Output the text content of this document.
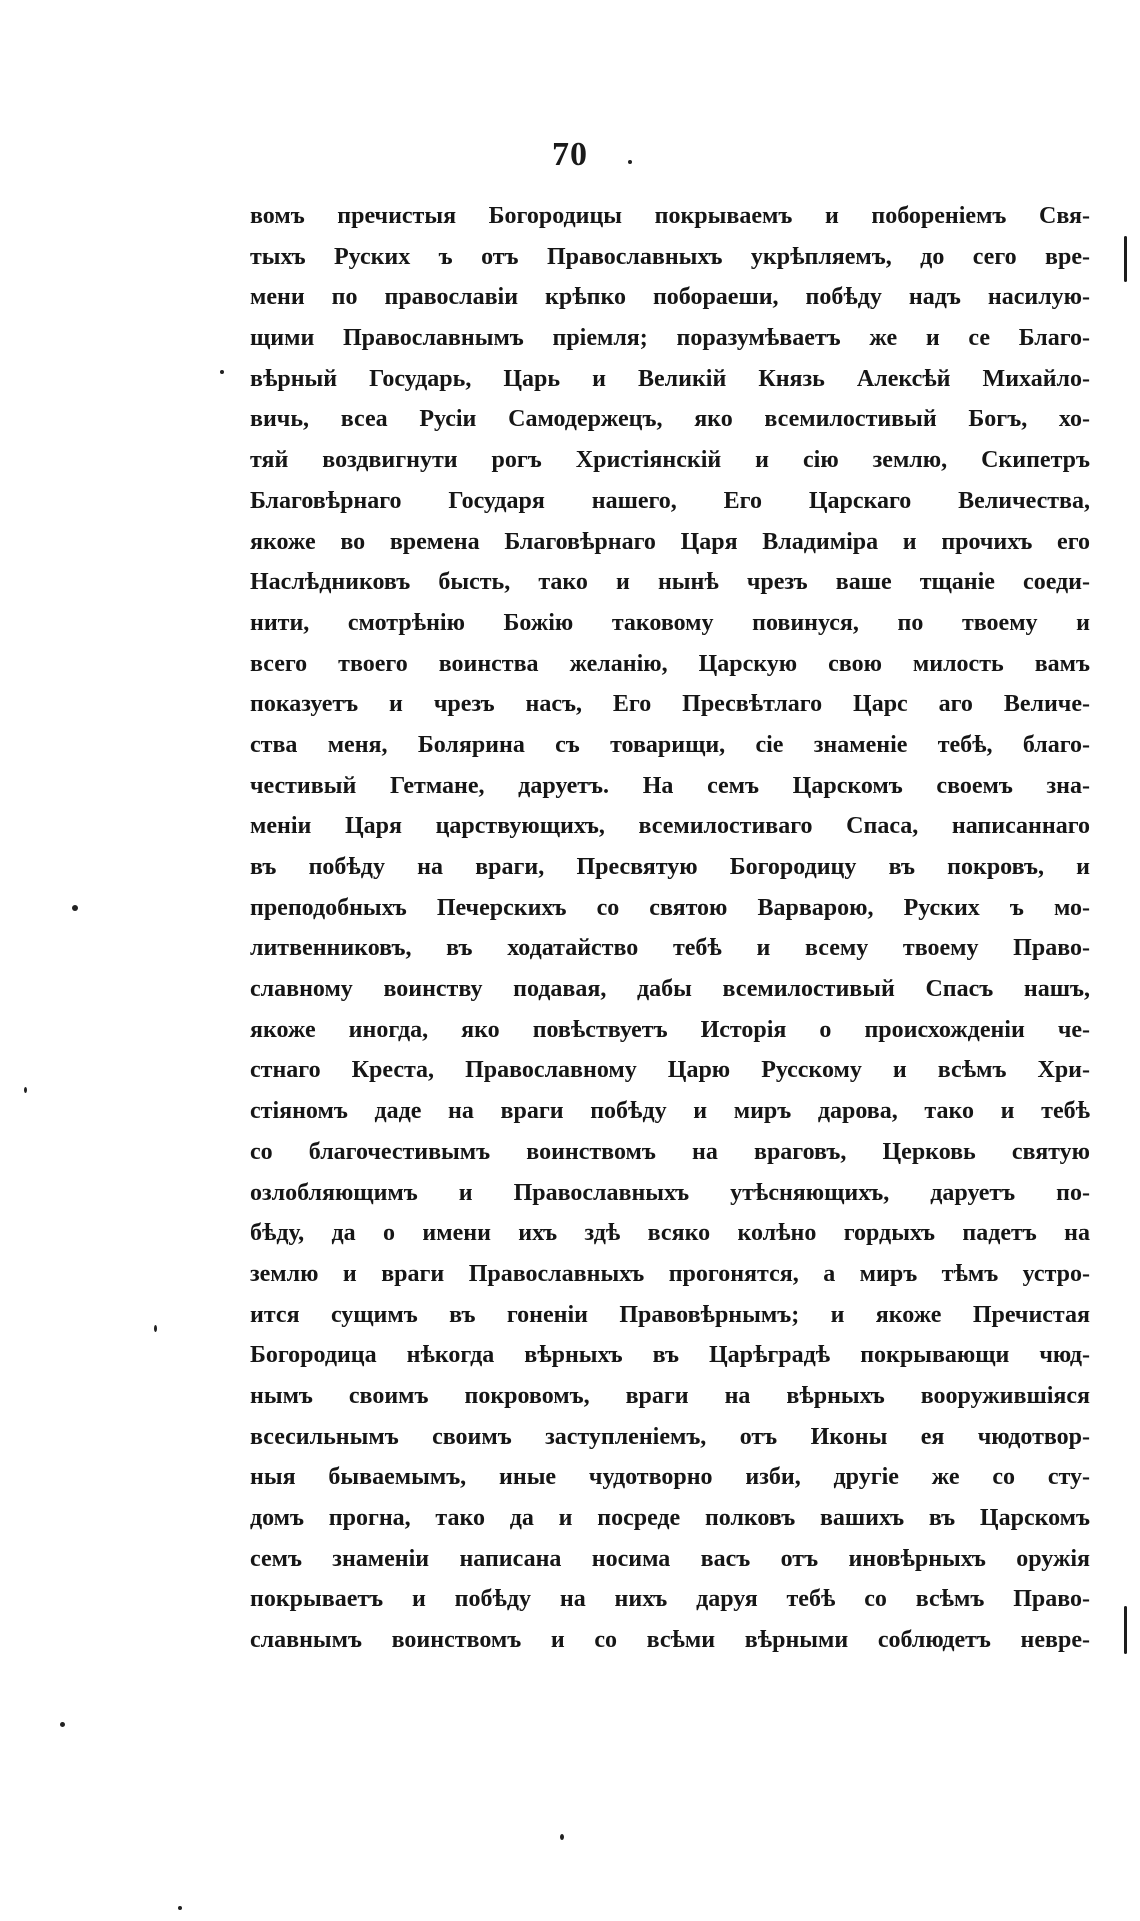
70
вомъ пречистыя Богородицы покрываемъ и побореніемъ Свя-
тыхъ Руских ъ отъ Православныхъ укрѣпляемъ, до сего вре-
мени по православіи крѣпко побораеши, побѣду надъ насилую-
щими Православнымъ пріемля; поразумѣваетъ же и се Благо-
вѣрный Государь, Царь и Великій Князь Алексѣй Михайло-
вичь, всеа Русіи Самодержецъ, яко всемилостивый Богъ, хо-
тяй воздвигнути рогъ Христіянскій и сію землю, Скипетръ
Благовѣрнаго Государя нашего, Его Царскаго Величества,
якоже во времена Благовѣрнаго Царя Владиміра и прочихъ его
Наслѣдниковъ бысть, тако и нынѣ чрезъ ваше тщаніе соеди-
нити, смотрѣнію Божію таковому повинуся, по твоему и
всего твоего воинства желанію, Царскую свою милость вамъ
показуетъ и чрезъ насъ, Его Пресвѣтлаго Царс аго Величе-
ства меня, Болярина съ товарищи, сіе знаменіе тебѣ, благо-
честивый Гетмане, даруетъ. На семъ Царскомъ своемъ зна-
меніи Царя царствующихъ, всемилостиваго Спаса, написаннаго
въ побѣду на враги, Пресвятую Богородицу въ покровъ, и
преподобныхъ Печерскихъ со святою Варварою, Руских ъ мо-
литвенниковъ, въ ходатайство тебѣ и всему твоему Право-
славному воинству подавая, дабы всемилостивый Спасъ нашъ,
якоже иногда, яко повѣствуетъ Исторія о происхожденіи че-
стнаго Креста, Православному Царю Русскому и всѣмъ Хри-
стіяномъ даде на враги побѣду и миръ дарова, тако и тебѣ
со благочестивымъ воинствомъ на враговъ, Церковь святую
озлобляющимъ и Православныхъ утѣсняющихъ, даруетъ по-
бѣду, да о имени ихъ здѣ всяко колѣно гордыхъ падетъ на
землю и враги Православныхъ прогонятся, а миръ тѣмъ устро-
ится сущимъ въ гоненіи Правовѣрнымъ; и якоже Пречистая
Богородица нѣкогда вѣрныхъ въ Царѣградѣ покрывающи чюд-
нымъ своимъ покровомъ, враги на вѣрныхъ вооружившіяся
всесильнымъ своимъ заступленіемъ, отъ Иконы ея чюдотвор-
ныя бываемымъ, иные чудотворно изби, другіе же со сту-
домъ прогна, тако да и посреде полковъ вашихъ въ Царскомъ
семъ знаменіи написана носима васъ отъ иновѣрныхъ оружія
покрываетъ и побѣду на нихъ даруя тебѣ со всѣмъ Право-
славнымъ воинствомъ и со всѣми вѣрными соблюдетъ невре-
